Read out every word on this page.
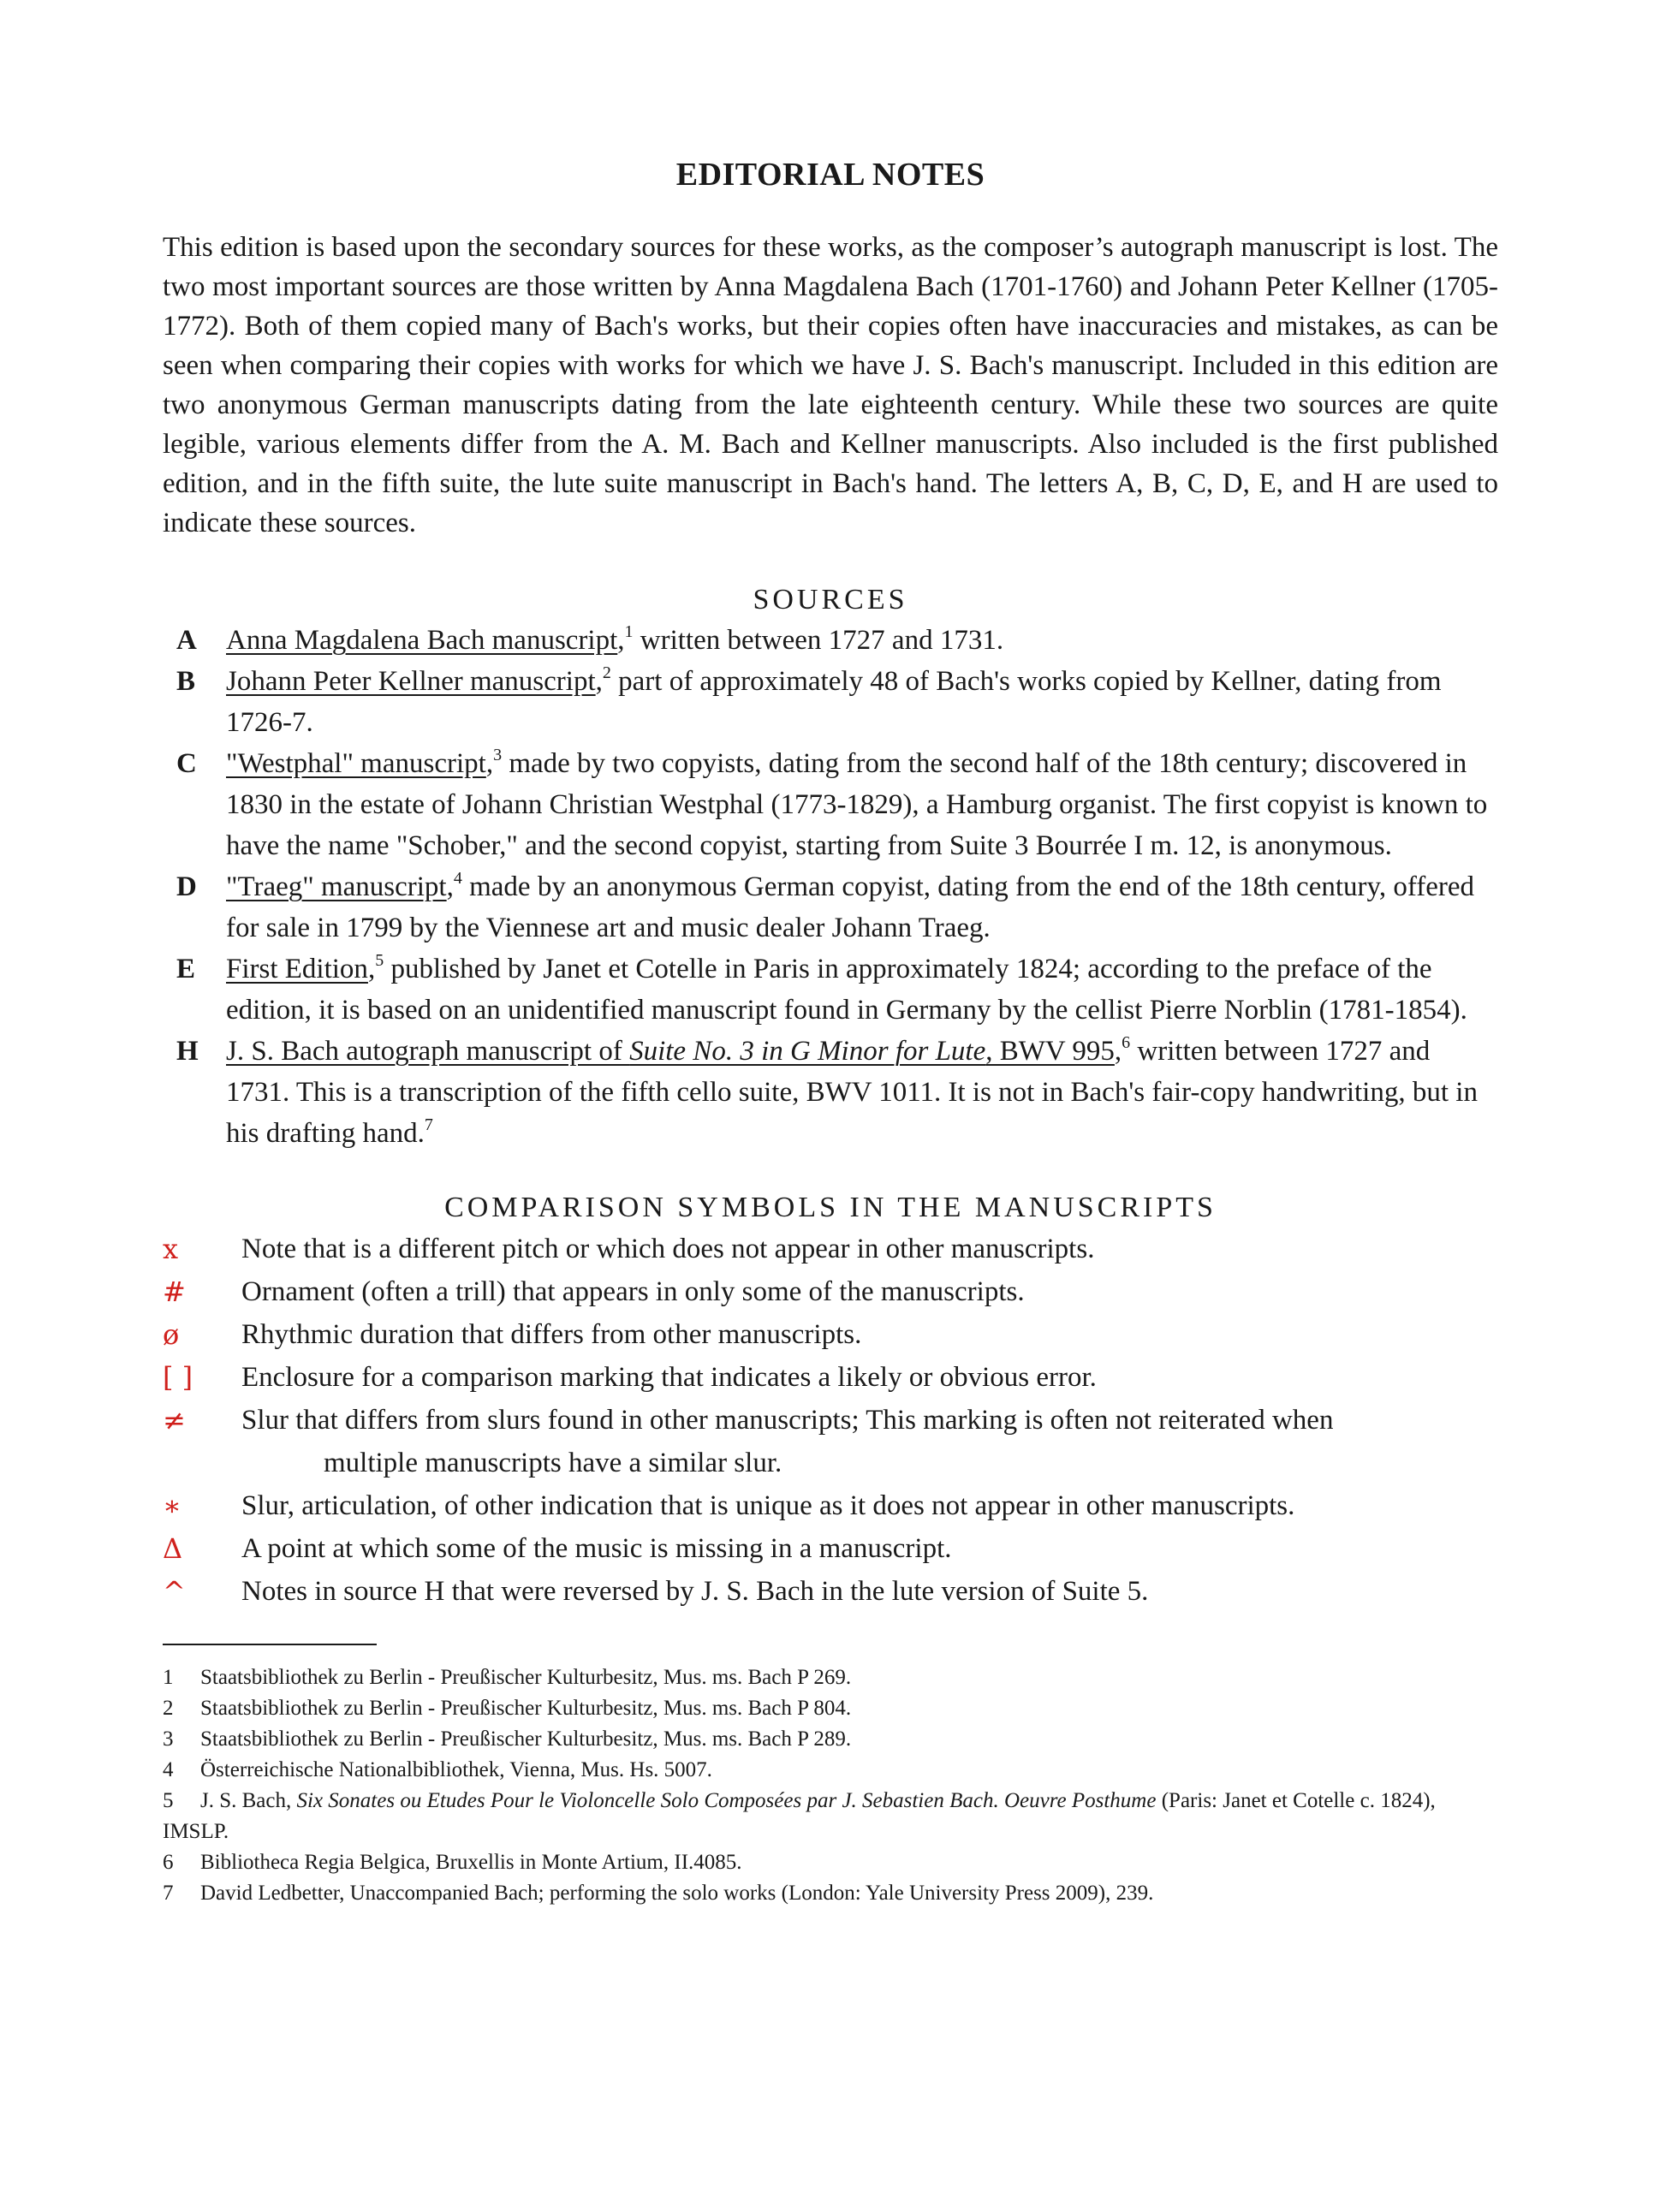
EDITORIAL NOTES

This edition is based upon the secondary sources for these works, as the composer’s autograph manuscript is lost. The two most important sources are those written by Anna Magdalena Bach (1701-1760) and Johann Peter Kellner (1705-1772). Both of them copied many of Bach's works, but their copies often have inaccuracies and mistakes, as can be seen when comparing their copies with works for which we have J. S. Bach's manuscript. Included in this edition are two anonymous German manuscripts dating from the late eighteenth century. While these two sources are quite legible, various elements differ from the A. M. Bach and Kellner manuscripts. Also included is the first published edition, and in the fifth suite, the lute suite manuscript in Bach's hand. The letters A, B, C, D, E, and H are used to indicate these sources.

SOURCES
A Anna Magdalena Bach manuscript,$^1$ written between 1727 and 1731.
B Johann Peter Kellner manuscript,$^2$ part of approximately 48 of Bach's works copied by Kellner, dating from 1726-7.
C "Westphal" manuscript,$^3$ made by two copyists, dating from the second half of the 18th century; discovered in 1830 in the estate of Johann Christian Westphal (1773-1829), a Hamburg organist. The first copyist is known to have the name "Schober," and the second copyist, starting from Suite 3 Bourrée I m. 12, is anonymous.
D "Traeg" manuscript,$^4$ made by an anonymous German copyist, dating from the end of the 18th century, offered for sale in 1799 by the Viennese art and music dealer Johann Traeg.
E First Edition,$^5$ published by Janet et Cotelle in Paris in approximately 1824; according to the preface of the edition, it is based on an unidentified manuscript found in Germany by the cellist Pierre Norblin (1781-1854).
H J. S. Bach autograph manuscript of Suite No. 3 in G Minor for Lute, BWV 995,$^6$ written between 1727 and 1731. This is a transcription of the fifth cello suite, BWV 1011. It is not in Bach's fair-copy handwriting, but in his drafting hand.$^7$
COMPARISON SYMBOLS IN THE MANUSCRIPTS
x	Note that is a different pitch or which does not appear in other manuscripts.
#	Ornament (often a trill) that appears in only some of the manuscripts.
ø	Rhythmic duration that differs from other manuscripts.
[ ]	Enclosure for a comparison marking that indicates a likely or obvious error.
≠	Slur that differs from slurs found in other manuscripts; This marking is often not reiterated when
multiple manuscripts have a similar slur.
∗	Slur, articulation, of other indication that is unique as it does not appear in other manuscripts.
Δ	A point at which some of the music is missing in a manuscript.
^	Notes in source H that were reversed by J. S. Bach in the lute version of Suite 5.

1 Staatsbibliothek zu Berlin - Preußischer Kulturbesitz, Mus. ms. Bach P 269.

2 Staatsbibliothek zu Berlin - Preußischer Kulturbesitz, Mus. ms. Bach P 804.

3 Staatsbibliothek zu Berlin - Preußischer Kulturbesitz, Mus. ms. Bach P 289.

4 Österreichische Nationalbibliothek, Vienna, Mus. Hs. 5007.

5 J. S. Bach, Six Sonates ou Etudes Pour le Violoncelle Solo Composées par J. Sebastien Bach. Oeuvre Posthume (Paris: Janet et Cotelle c. 1824), IMSLP.

6 Bibliotheca Regia Belgica, Bruxellis in Monte Artium, II.4085.

7 David Ledbetter, Unaccompanied Bach; performing the solo works (London: Yale University Press 2009), 239.
